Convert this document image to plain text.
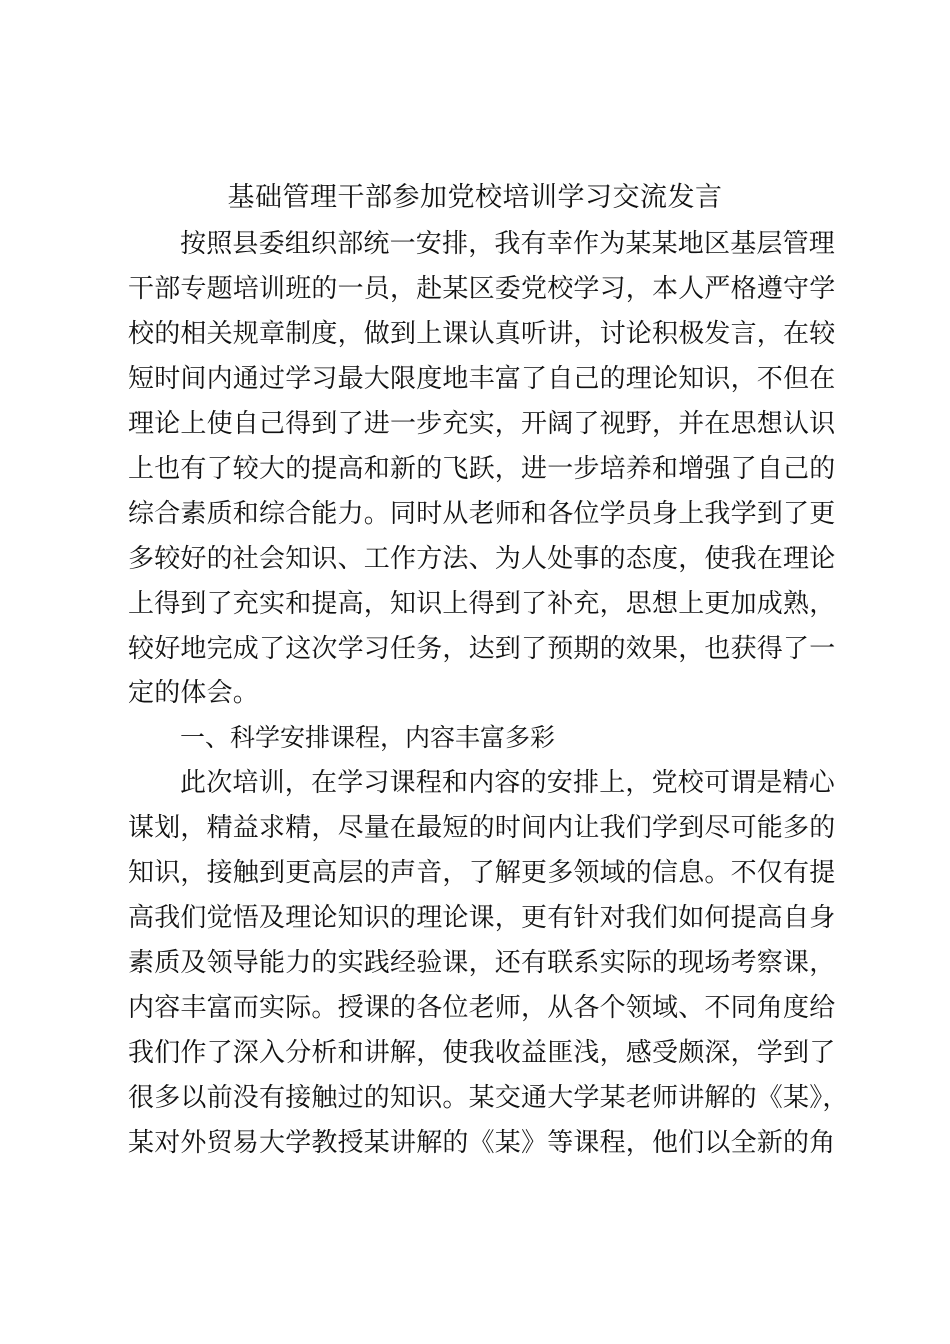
基础管理干部参加党校培训学习交流发言
按照县委组织部统一安排，我有幸作为某某地区基层管理
干部专题培训班的一员，赴某区委党校学习，本人严格遵守学
校的相关规章制度，做到上课认真听讲，讨论积极发言，在较
短时间内通过学习最大限度地丰富了自己的理论知识，不但在
理论上使自己得到了进一步充实，开阔了视野，并在思想认识
上也有了较大的提高和新的飞跃，进一步培养和增强了自己的
综合素质和综合能力。同时从老师和各位学员身上我学到了更
多较好的社会知识、工作方法、为人处事的态度，使我在理论
上得到了充实和提高，知识上得到了补充，思想上更加成熟，
较好地完成了这次学习任务，达到了预期的效果，也获得了一
定的体会。
一、科学安排课程，内容丰富多彩
此次培训，在学习课程和内容的安排上，党校可谓是精心
谋划，精益求精，尽量在最短的时间内让我们学到尽可能多的
知识，接触到更高层的声音，了解更多领域的信息。不仅有提
高我们觉悟及理论知识的理论课，更有针对我们如何提高自身
素质及领导能力的实践经验课，还有联系实际的现场考察课，
内容丰富而实际。授课的各位老师，从各个领域、不同角度给
我们作了深入分析和讲解，使我收益匪浅，感受颇深，学到了
很多以前没有接触过的知识。某交通大学某老师讲解的《某》，
某对外贸易大学教授某讲解的《某》等课程，他们以全新的角
